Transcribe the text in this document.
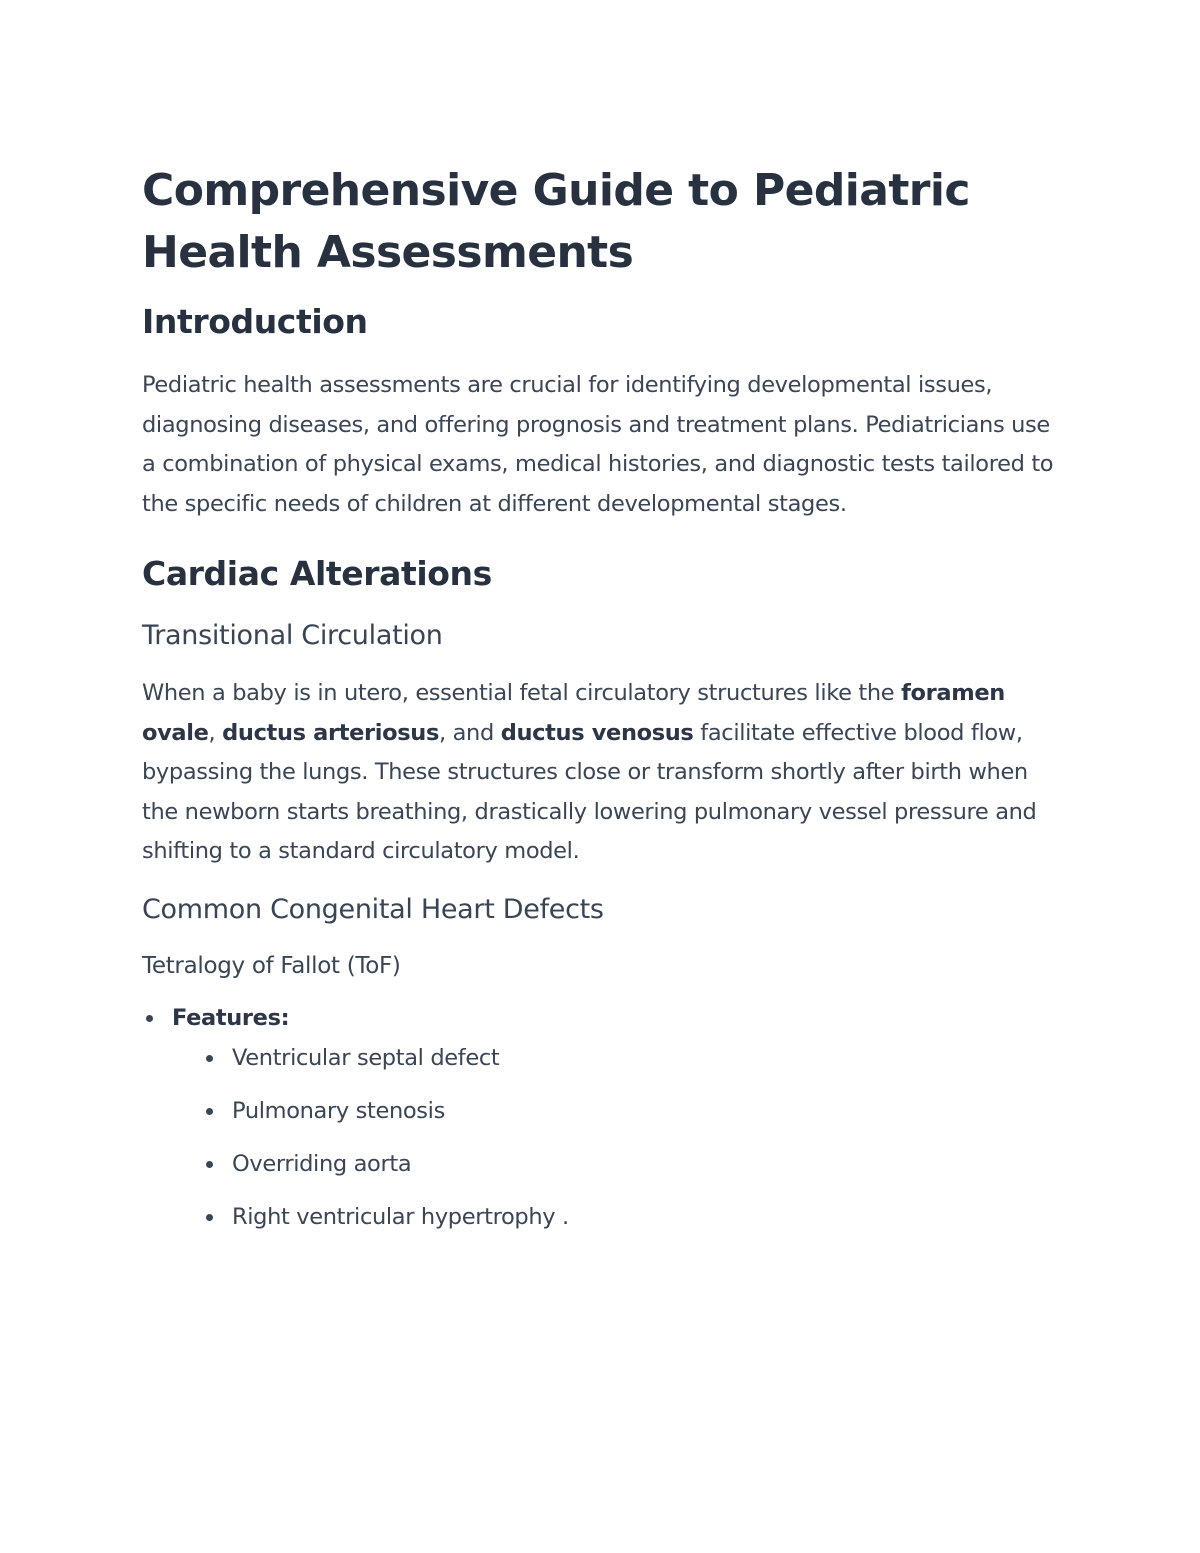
Comprehensive Guide to Pediatric Health Assessments
Introduction

Pediatric health assessments are crucial for identifying developmental issues, diagnosing diseases, and offering prognosis and treatment plans. Pediatricians use a combination of physical exams, medical histories, and diagnostic tests tailored to the specific needs of children at different developmental stages.

Cardiac Alterations
Transitional Circulation

When a baby is in utero, essential fetal circulatory structures like the foramen ovale, ductus arteriosus, and ductus venosus facilitate effective blood flow, bypassing the lungs. These structures close or transform shortly after birth when the newborn starts breathing, drastically lowering pulmonary vessel pressure and shifting to a standard circulatory model.

Common Congenital Heart Defects
Tetralogy of Fallot (ToF)
Features:
Ventricular septal defect
Pulmonary stenosis
Overriding aorta
Right ventricular hypertrophy .
